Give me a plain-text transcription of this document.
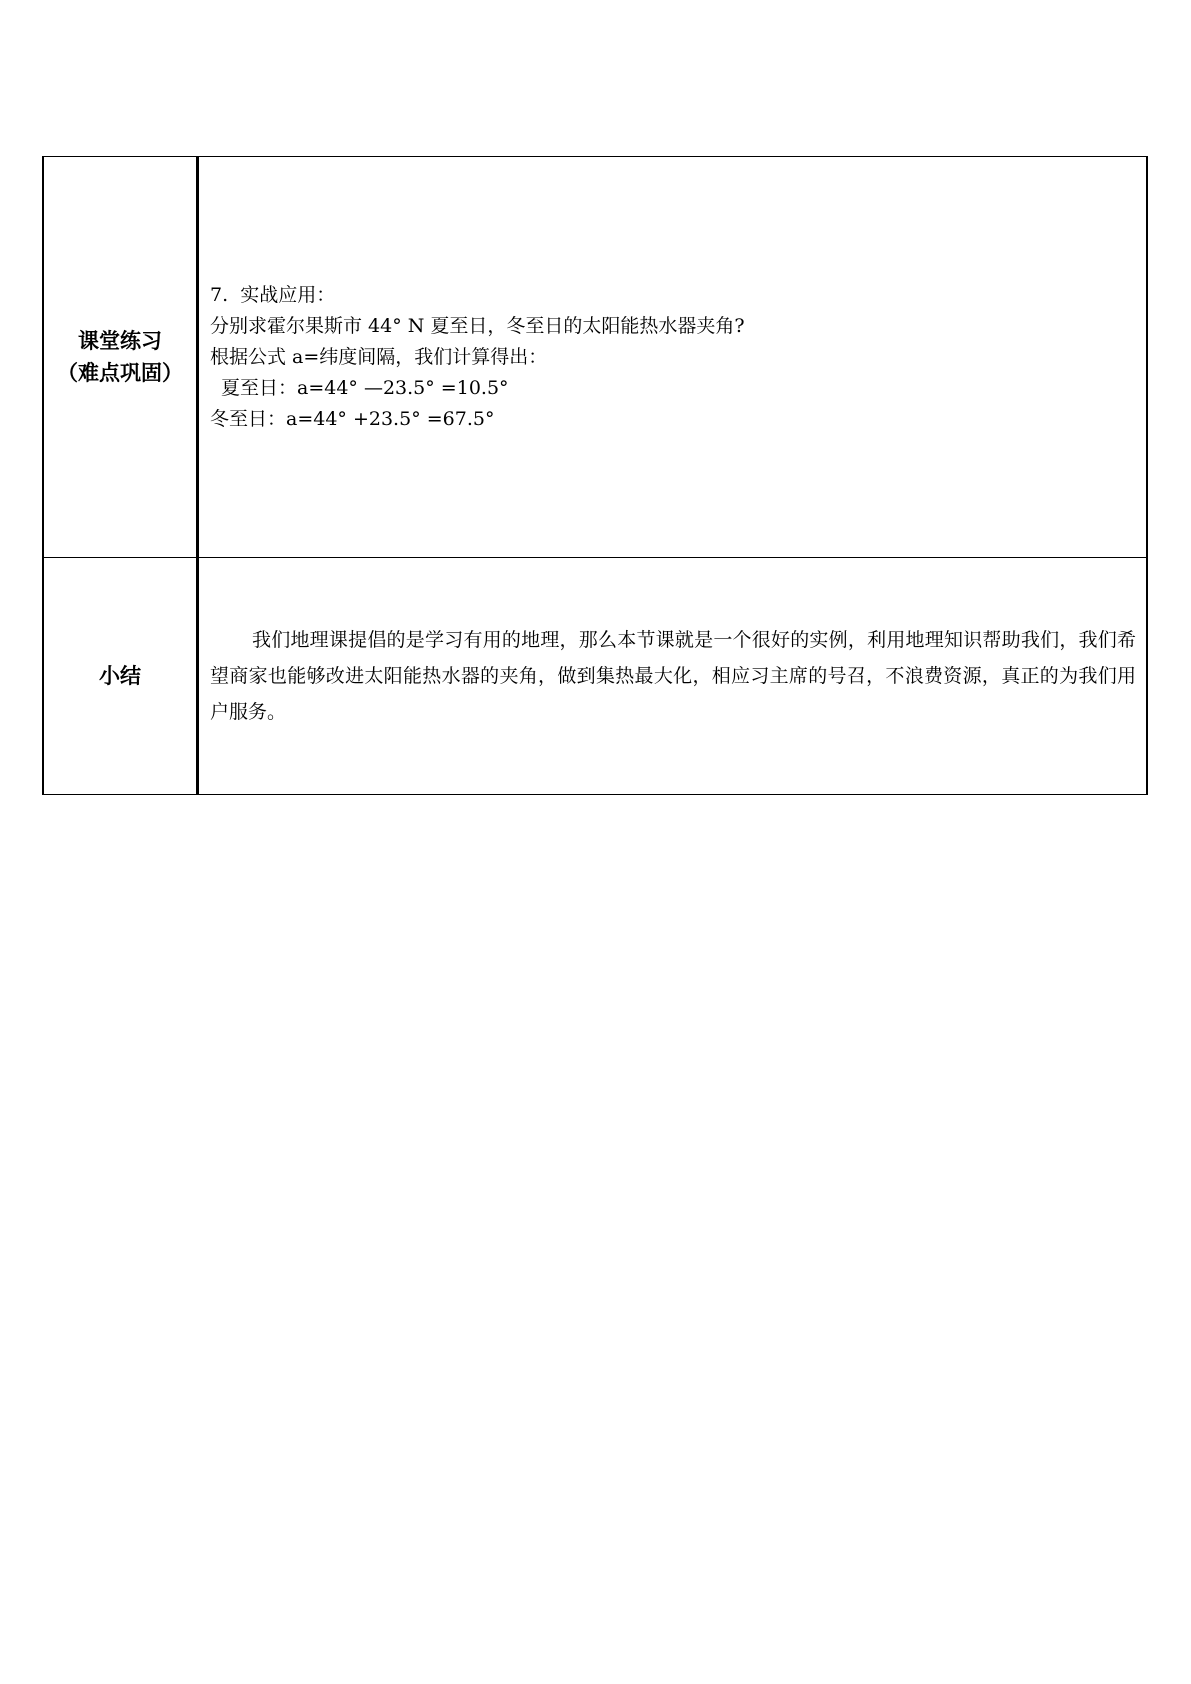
课堂练习
（难点巩固）	7.  实战应用：
分别求霍尔果斯市 44° N 夏至日，冬至日的太阳能热水器夹角?
根据公式 a=纬度间隔，我们计算得出：
夏至日：a=44° —23.5° =10.5°
冬至日：a=44° +23.5° =67.5°

小结	我们地理课提倡的是学习有用的地理，那么本节课就是一个很好的实例，利用地理知识帮助我们，我们希望商家也能够改进太阳能热水器的夹角，做到集热最大化，相应习主席的号召，不浪费资源，真正的为我们用户服务。
